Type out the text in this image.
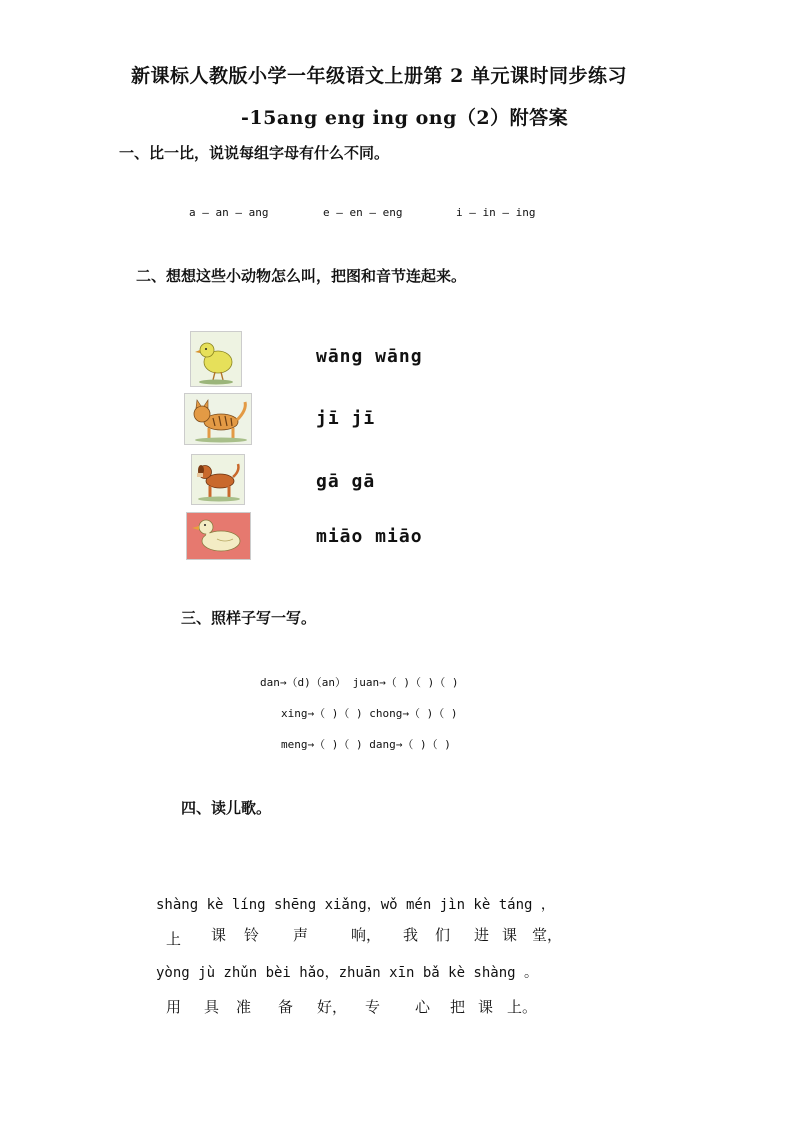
新课标人教版小学一年级语文上册第 2 单元课时同步练习
-15ang eng ing ong（2）附答案
一、比一比，说说每组字母有什么不同。
a — an — ang	e — en — eng	i — in — ing
二、想想这些小动物怎么叫，把图和音节连起来。
wāng wāng
jī jī
gā gā
miāo miāo
三、照样子写一写。
dan→（d)（an） juan→（ )（ )（ )
xing→（ )（ ) chong→（ )（ )
meng→（ )（ ) dang→（ )（ )
四、读儿歌。
shàng kè líng shēng xiǎng，wǒ mén jìn kè táng ，
上 课 铃 声	响， 我 们 进 课 堂，
yòng jù zhǔn bèi hǎo，zhuān xīn bǎ kè shàng 。
用 具 准 备 好， 专 心 把 课 上。
